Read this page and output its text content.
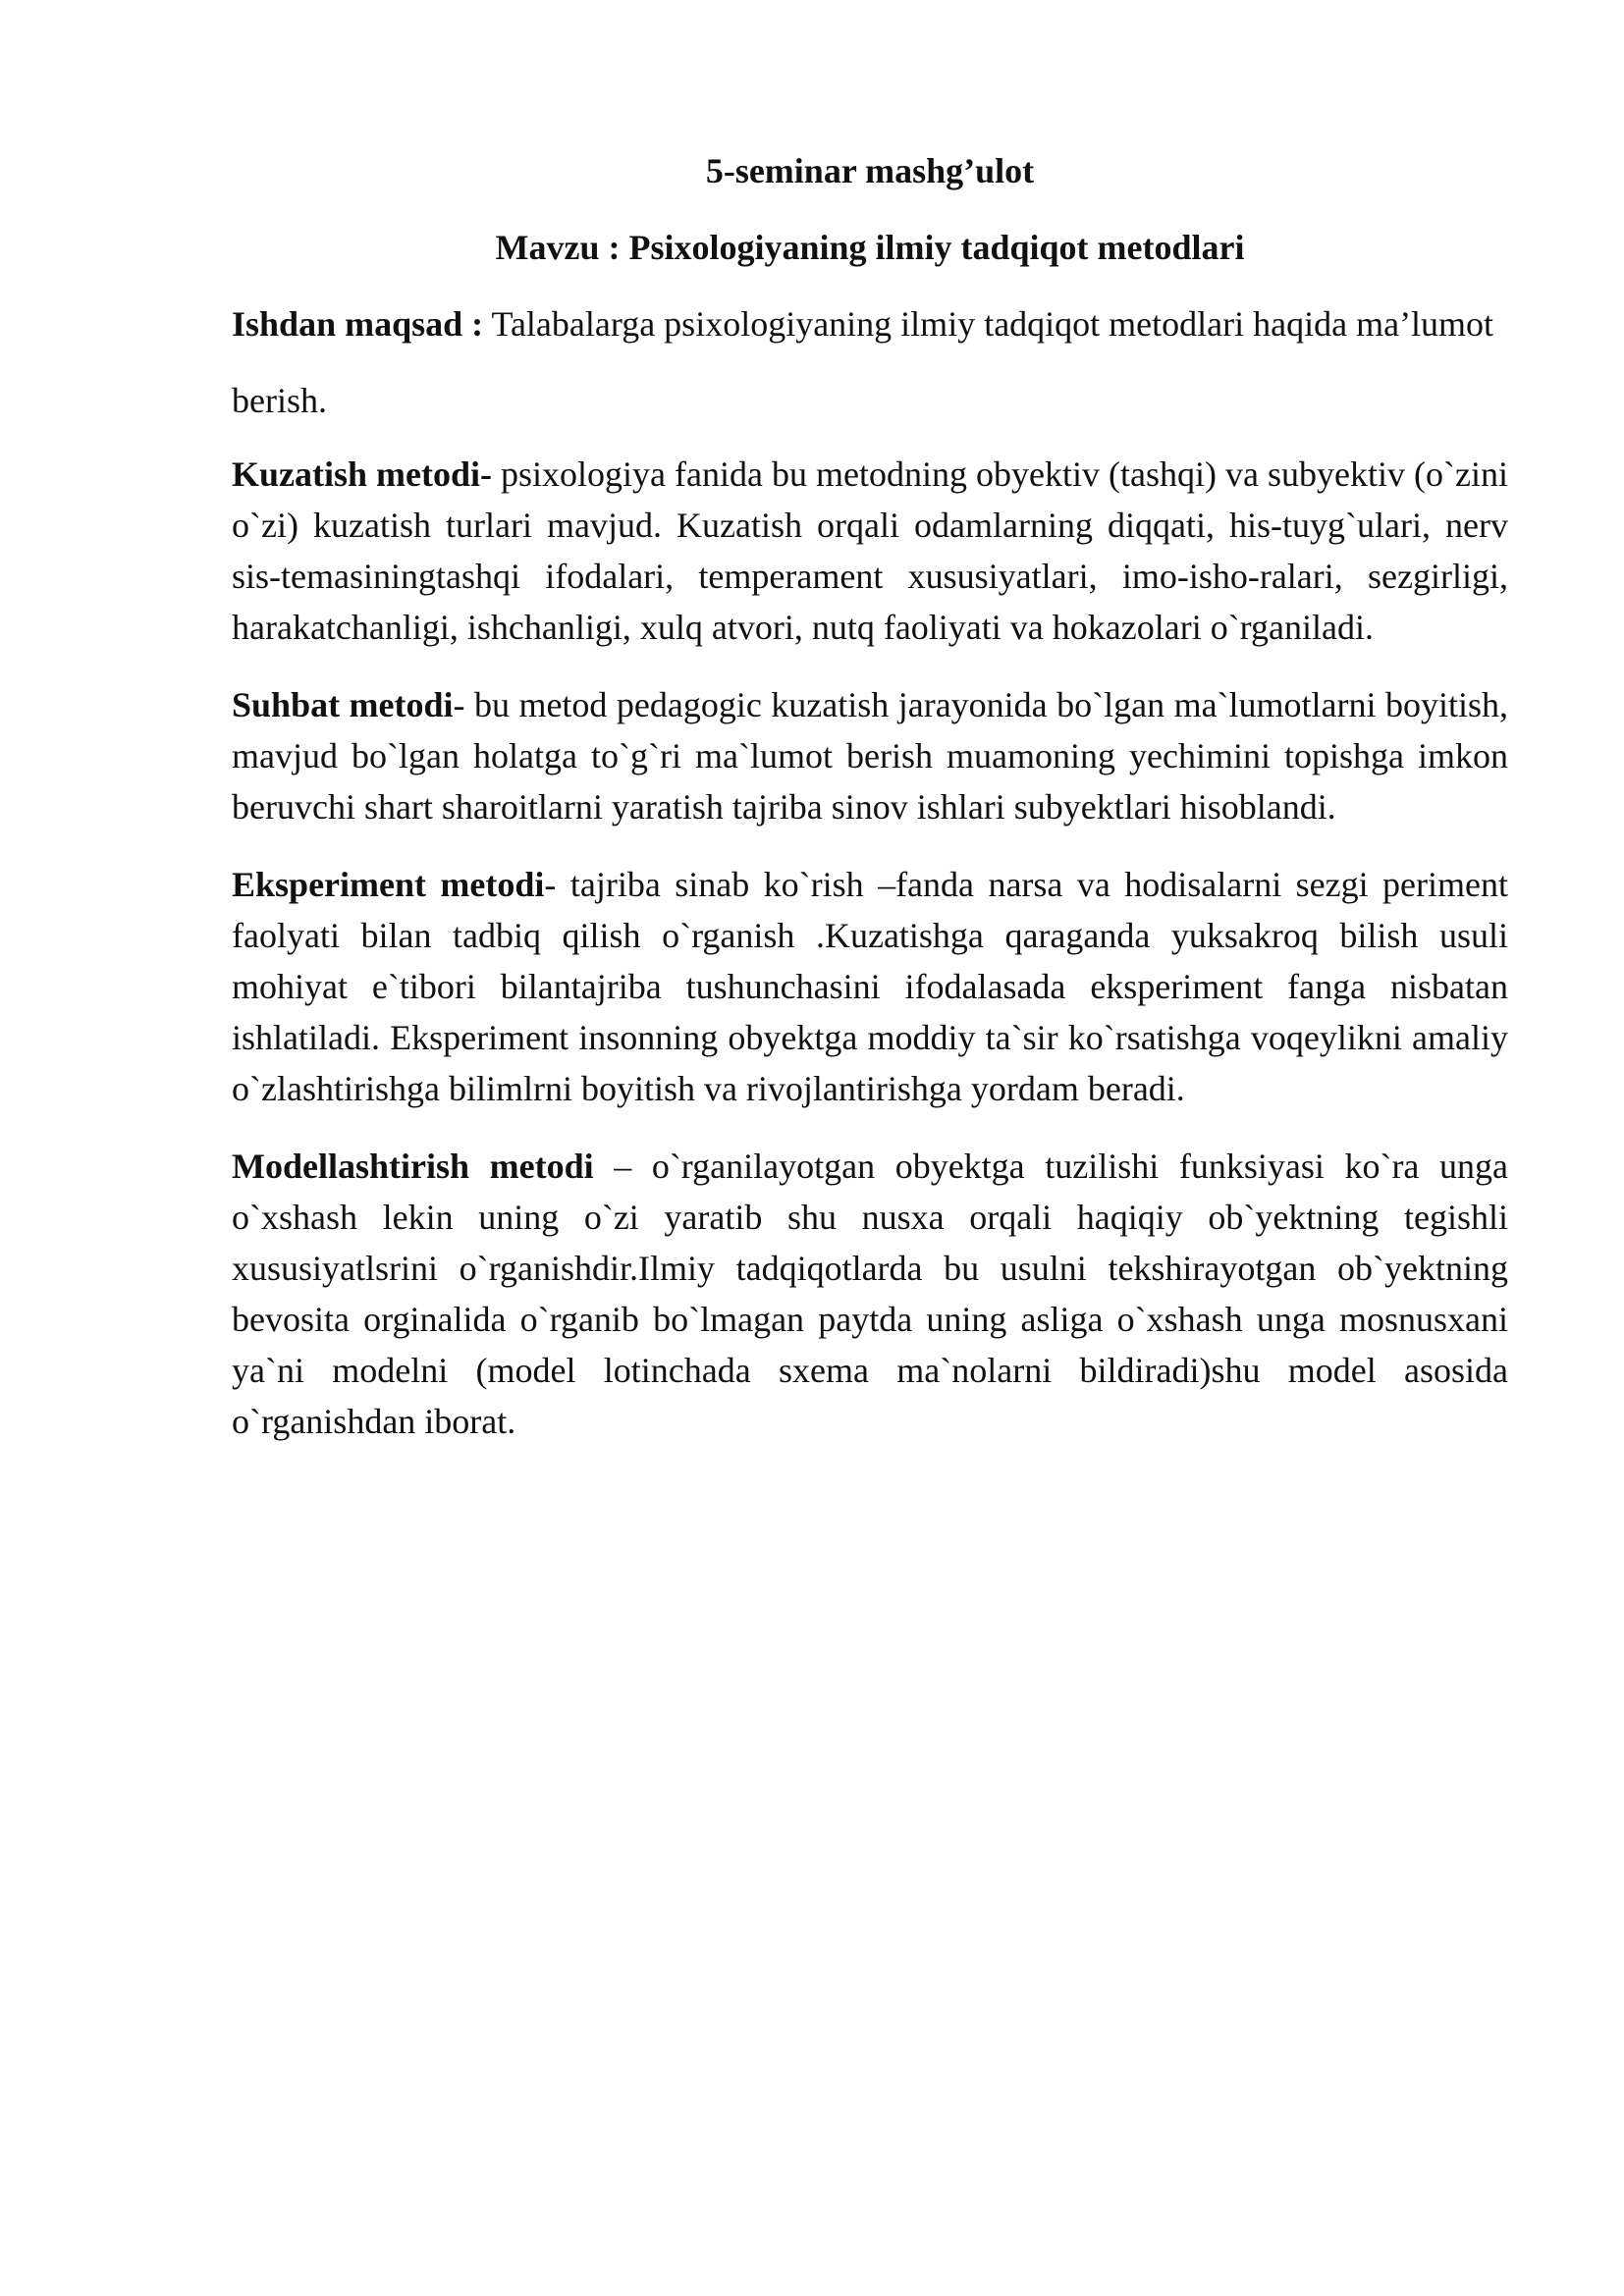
5-seminar mashg’ulot
Mavzu : Psixologiyaning ilmiy tadqiqot metodlari

Ishdan maqsad : Talabalarga psixologiyaning ilmiy tadqiqot metodlari haqida ma’lumot berish.

Kuzatish metodi- psixologiya fanida bu metodning obyektiv (tashqi) va subyektiv (o`zini o`zi) kuzatish turlari mavjud. Kuzatish orqali odamlarning diqqati, his-tuyg`ulari, nerv sis-temasiningtashqi ifodalari, temperament xususiyatlari, imo-isho-ralari, sezgirligi, harakatchanligi, ishchanligi, xulq atvori, nutq faoliyati va hokazolari o`rganiladi.

Suhbat metodi- bu metod pedagogic kuzatish jarayonida bo`lgan ma`lumotlarni boyitish, mavjud bo`lgan holatga to`g`ri ma`lumot berish muamoning yechimini topishga imkon beruvchi shart sharoitlarni yaratish tajriba sinov ishlari subyektlari hisoblandi.

Eksperiment metodi- tajriba sinab ko`rish –fanda narsa va hodisalarni sezgi periment faolyati bilan tadbiq qilish o`rganish .Kuzatishga qaraganda yuksakroq bilish usuli mohiyat e`tibori bilantajriba tushunchasini ifodalasada eksperiment fanga nisbatan ishlatiladi. Eksperiment insonning obyektga moddiy ta`sir ko`rsatishga voqeylikni amaliy o`zlashtirishga bilimlrni boyitish va rivojlantirishga yordam beradi.

Modellashtirish metodi – o`rganilayotgan obyektga tuzilishi funksiyasi ko`ra unga o`xshash lekin uning o`zi yaratib shu nusxa orqali haqiqiy ob`yektning tegishli xususiyatlsrini o`rganishdir.Ilmiy tadqiqotlarda bu usulni tekshirayotgan ob`yektning bevosita orginalida o`rganib bo`lmagan paytda uning asliga o`xshash unga mosnusxani ya`ni modelni (model lotinchada sxema ma`nolarni bildiradi)shu model asosida o`rganishdan iborat.
